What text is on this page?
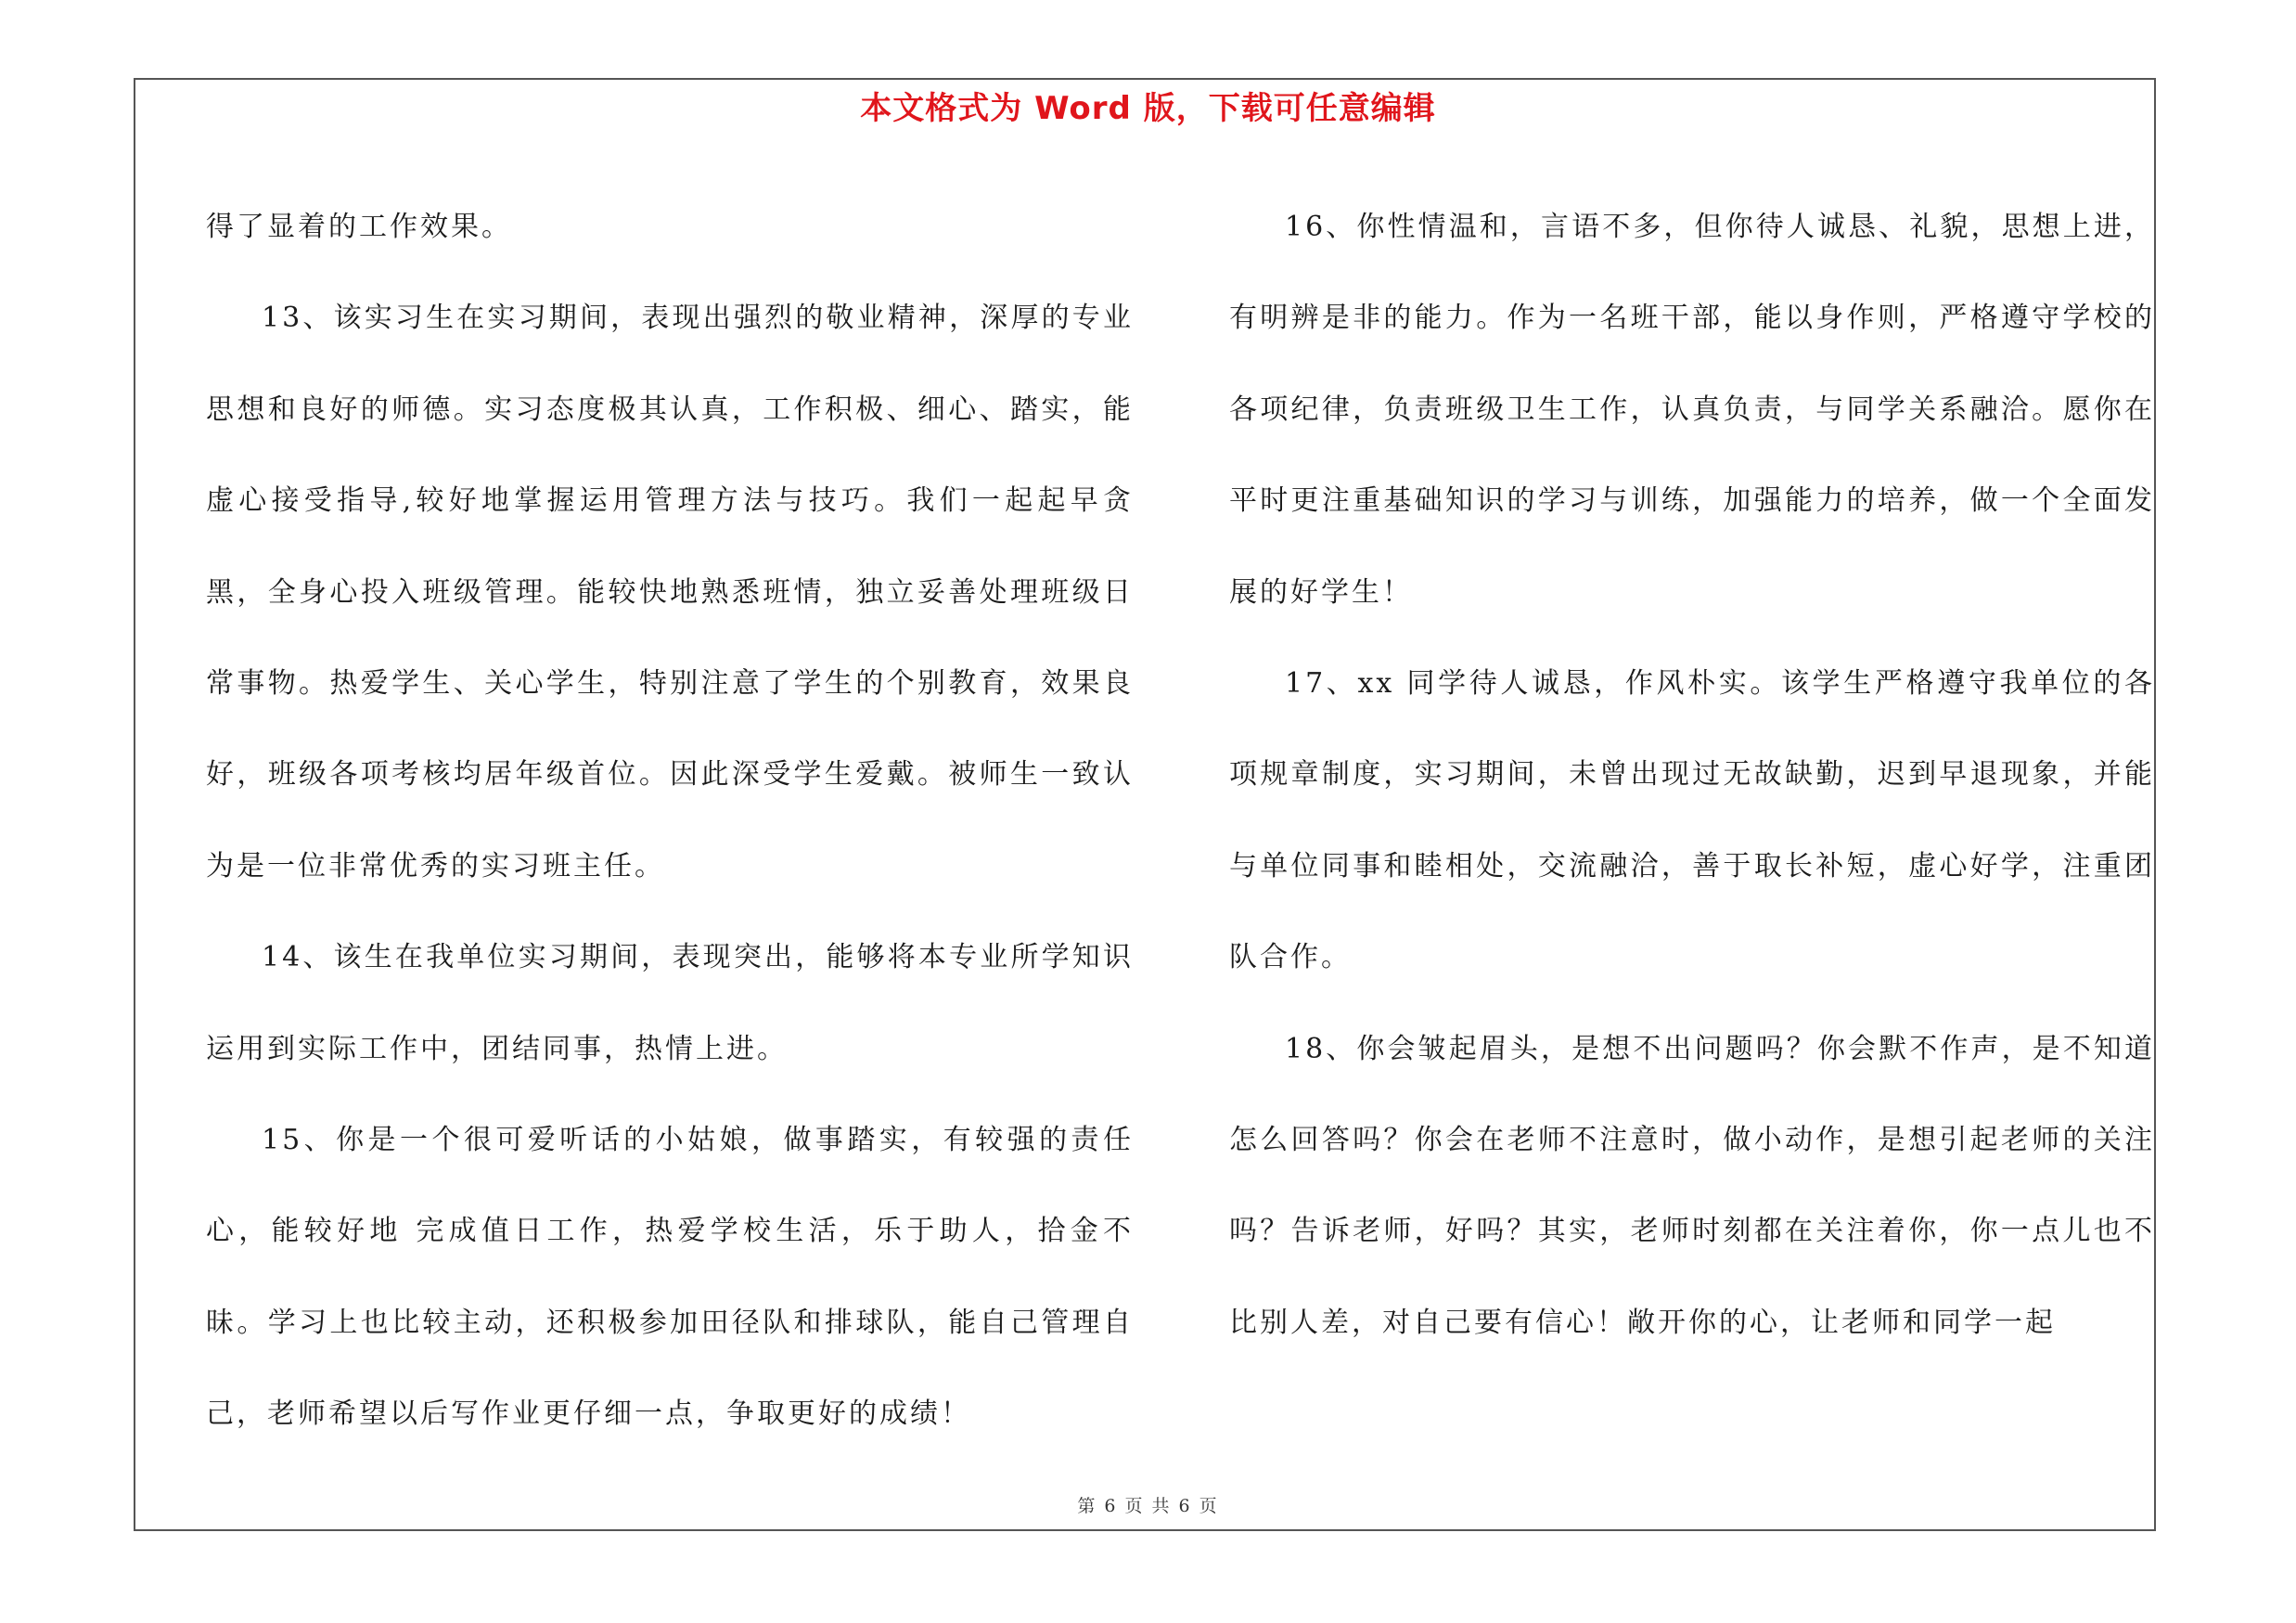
本文格式为 Word 版，下载可任意编辑

得了显着的工作效果。

13、该实习生在实习期间，表现出强烈的敬业精神，深厚的专业思想和良好的师德。实习态度极其认真，工作积极、细心、踏实，能虚心接受指导,较好地掌握运用管理方法与技巧。我们一起起早贪黑，全身心投入班级管理。能较快地熟悉班情，独立妥善处理班级日常事物。热爱学生、关心学生，特别注意了学生的个别教育，效果良好，班级各项考核均居年级首位。因此深受学生爱戴。被师生一致认为是一位非常优秀的实习班主任。

14、该生在我单位实习期间，表现突出，能够将本专业所学知识运用到实际工作中，团结同事，热情上进。

15、你是一个很可爱听话的小姑娘，做事踏实，有较强的责任心，能较好地 完成值日工作，热爱学校生活，乐于助人，拾金不昧。学习上也比较主动，还积极参加田径队和排球队，能自己管理自己，老师希望以后写作业更仔细一点，争取更好的成绩！

16、你性情温和，言语不多，但你待人诚恳、礼貌，思想上进，有明辨是非的能力。作为一名班干部，能以身作则，严格遵守学校的各项纪律，负责班级卫生工作，认真负责，与同学关系融洽。愿你在平时更注重基础知识的学习与训练，加强能力的培养，做一个全面发展的好学生！

17、xx 同学待人诚恳，作风朴实。该学生严格遵守我单位的各项规章制度，实习期间，未曾出现过无故缺勤，迟到早退现象，并能与单位同事和睦相处，交流融洽，善于取长补短，虚心好学，注重团队合作。

18、你会皱起眉头，是想不出问题吗？你会默不作声，是不知道怎么回答吗？你会在老师不注意时，做小动作，是想引起老师的关注吗？告诉老师，好吗？其实，老师时刻都在关注着你，你一点儿也不比别人差，对自己要有信心！敞开你的心，让老师和同学一起

第 6 页 共 6 页
